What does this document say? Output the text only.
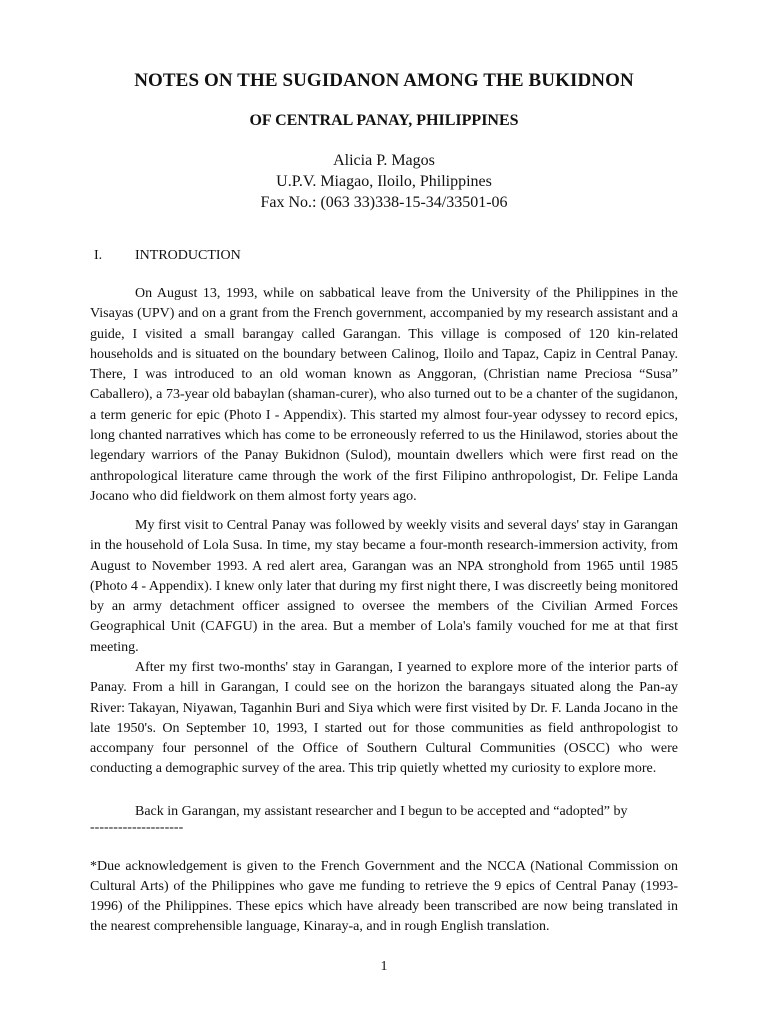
NOTES ON THE SUGIDANON AMONG THE BUKIDNON
OF CENTRAL PANAY, PHILIPPINES
Alicia P. Magos
U.P.V. Miagao, Iloilo, Philippines
Fax No.: (063 33)338-15-34/33501-06
I. INTRODUCTION

On August 13, 1993, while on sabbatical leave from the University of the Philippines in the Visayas (UPV) and on a grant from the French government, accompanied by my research assistant and a guide, I visited a small barangay called Garangan. This village is composed of 120 kin-related households and is situated on the boundary between Calinog, Iloilo and Tapaz, Capiz in Central Panay. There, I was introduced to an old woman known as Anggoran, (Christian name Preciosa “Susa” Caballero), a 73-year old babaylan (shaman-curer), who also turned out to be a chanter of the sugidanon, a term generic for epic (Photo I - Appendix). This started my almost four-year odyssey to record epics, long chanted narratives which has come to be erroneously referred to us the Hinilawod, stories about the legendary warriors of the Panay Bukidnon (Sulod), mountain dwellers which were first read on the anthropological literature came through the work of the first Filipino anthropologist, Dr. Felipe Landa Jocano who did fieldwork on them almost forty years ago.

My first visit to Central Panay was followed by weekly visits and several days' stay in Garangan in the household of Lola Susa. In time, my stay became a four-month research-immersion activity, from August to November 1993. A red alert area, Garangan was an NPA stronghold from 1965 until 1985 (Photo 4 - Appendix). I knew only later that during my first night there, I was discreetly being monitored by an army detachment officer assigned to oversee the members of the Civilian Armed Forces Geographical Unit (CAFGU) in the area. But a member of Lola's family vouched for me at that first meeting.

After my first two-months' stay in Garangan, I yearned to explore more of the interior parts of Panay. From a hill in Garangan, I could see on the horizon the barangays situated along the Pan-ay River: Takayan, Niyawan, Taganhin Buri and Siya which were first visited by Dr. F. Landa Jocano in the late 1950's. On September 10, 1993, I started out for those communities as field anthropologist to accompany four personnel of the Office of Southern Cultural Communities (OSCC) who were conducting a demographic survey of the area. This trip quietly whetted my curiosity to explore more.

Back in Garangan, my assistant researcher and I begun to be accepted and “adopted” by

--------------------

*Due acknowledgement is given to the French Government and the NCCA (National Commission on Cultural Arts) of the Philippines who gave me funding to retrieve the 9 epics of Central Panay (1993-1996) of the Philippines. These epics which have already been transcribed are now being translated in the nearest comprehensible language, Kinaray-a, and in rough English translation.

1
